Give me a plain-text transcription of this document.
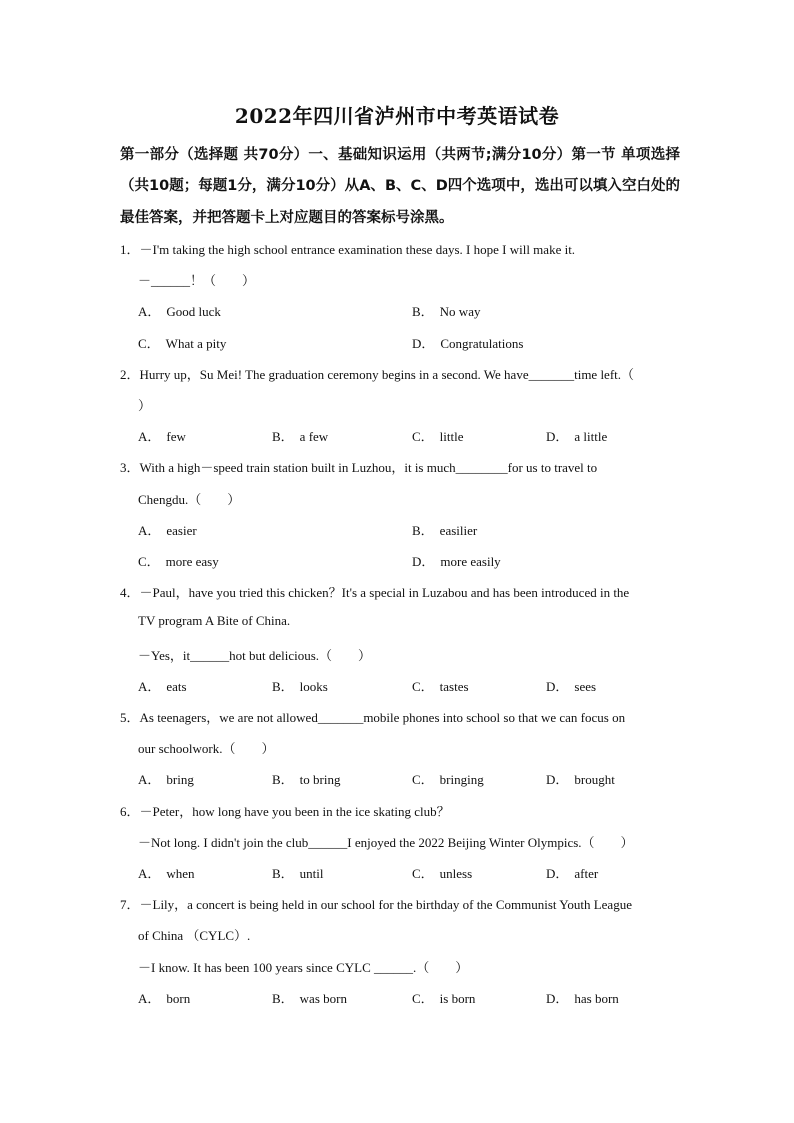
2022年四川省泸州市中考英语试卷
第一部分（选择题 共70分）一、基础知识运用（共两节;满分10分）第一节 单项选择（共10题；每题1分，满分10分）从A、B、C、D四个选项中，选出可以填入空白处的最佳答案，并把答题卡上对应题目的答案标号涂黑。
1．－I'm taking the high school entrance examination these days. I hope I will make it.
－______！（　　）
A． Good luck	B． No way
C． What a pity	D． Congratulations
2．Hurry up，Su Mei! The graduation ceremony begins in a second. We have_______time left.（
）
A． few	B． a few	C． little	D． a little
3．With a high－speed train station built in Luzhou，it is much________for us to travel to
Chengdu.（　　）
A． easier	B． easilier
C． more easy	D． more easily
4．－Paul，have you tried this chicken？It's a special in Luzabou and has been introduced in the
TV program A Bite of China.
－Yes，it______hot but delicious.（　　）
A． eats	B． looks	C． tastes	D． sees
5．As teenagers，we are not allowed_______mobile phones into school so that we can focus on
our schoolwork.（　　）
A． bring	B． to bring	C． bringing	D． brought
6．－Peter，how long have you been in the ice skating club？
－Not long. I didn't join the club______I enjoyed the 2022 Beijing Winter Olympics.（　　）
A． when	B． until	C． unless	D． after
7．－Lily，a concert is being held in our school for the birthday of the Communist Youth League
of China （CYLC）.
－I know. It has been 100 years since CYLC ______.（　　）
A． born	B． was born	C． is born	D． has born
